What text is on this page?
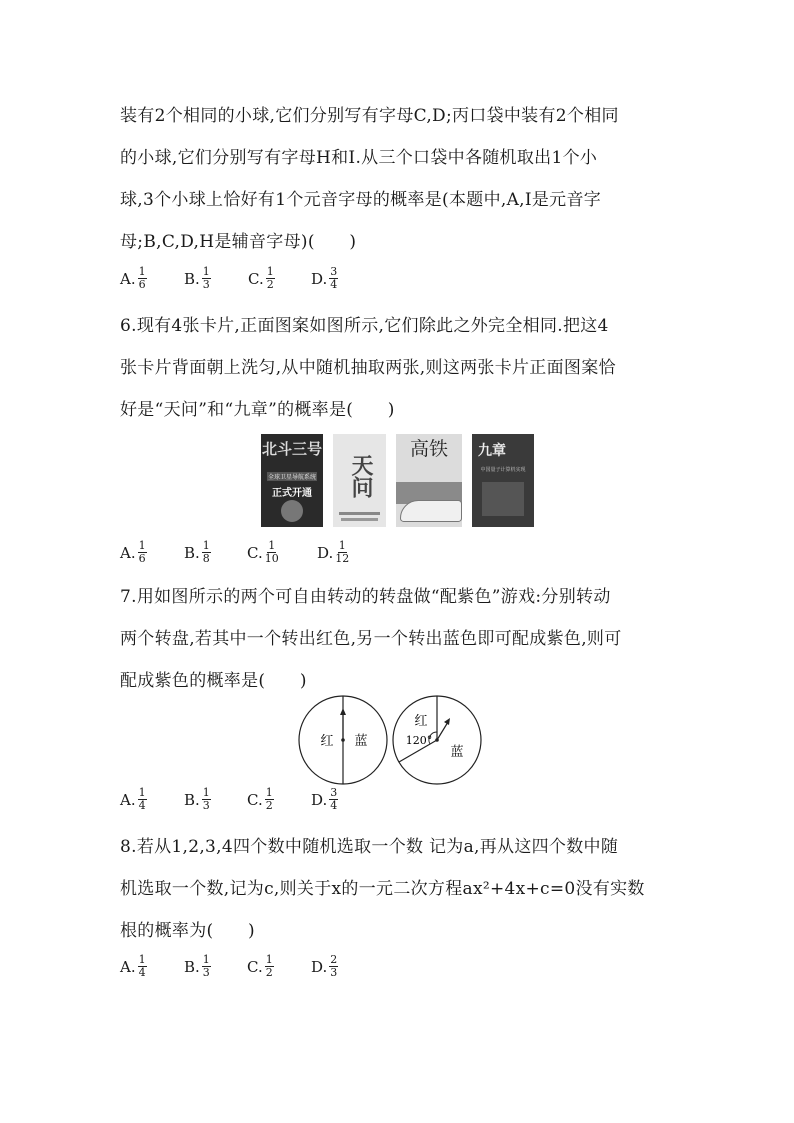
装有2个相同的小球,它们分别写有字母C,D;丙口袋中装有2个相同
的小球,它们分别写有字母H和I.从三个口袋中各随机取出1个小
球,3个小球上恰好有1个元音字母的概率是(本题中,A,I是元音字
母;B,C,D,H是辅音字母)(　　)
A. $\frac{1}{6} B$. $\frac{1}{3} C$. $\frac{1}{2} D$. $\frac{3}{4}$
6.现有4张卡片,正面图案如图所示,它们除此之外完全相同.把这4
张卡片背面朝上洗匀,从中随机抽取两张,则这两张卡片正面图案恰
好是“天问”和“九章”的概率是(　　)
北斗三号
全球卫星导航系统
正式开通	天问
高铁	九章
中国量子计算机实现
A. $\frac{1}{6} B$. $\frac{1}{8} C$. $\frac{1}{10}$	D. $\frac{1}{12}$
7.用如图所示的两个可自由转动的转盘做“配紫色”游戏:分别转动
两个转盘,若其中一个转出红色,另一个转出蓝色即可配成紫色,则可
配成紫色的概率是(　　)
红 蓝
红
120°
蓝
A. $\frac{1}{4} B$. $\frac{1}{3} C$. $\frac{1}{2} D$. $\frac{3}{4}$
8.若从1,2,3,4四个数中随机选取一个数 记为a,再从这四个数中随
机选取一个数,记为c,则关于x的一元二次方程ax²+4x+c=0没有实数
根的概率为(　　)
A. $\frac{1}{4} B$. $\frac{1}{3} C$. $\frac{1}{2} D$. $\frac{2}{3}$
